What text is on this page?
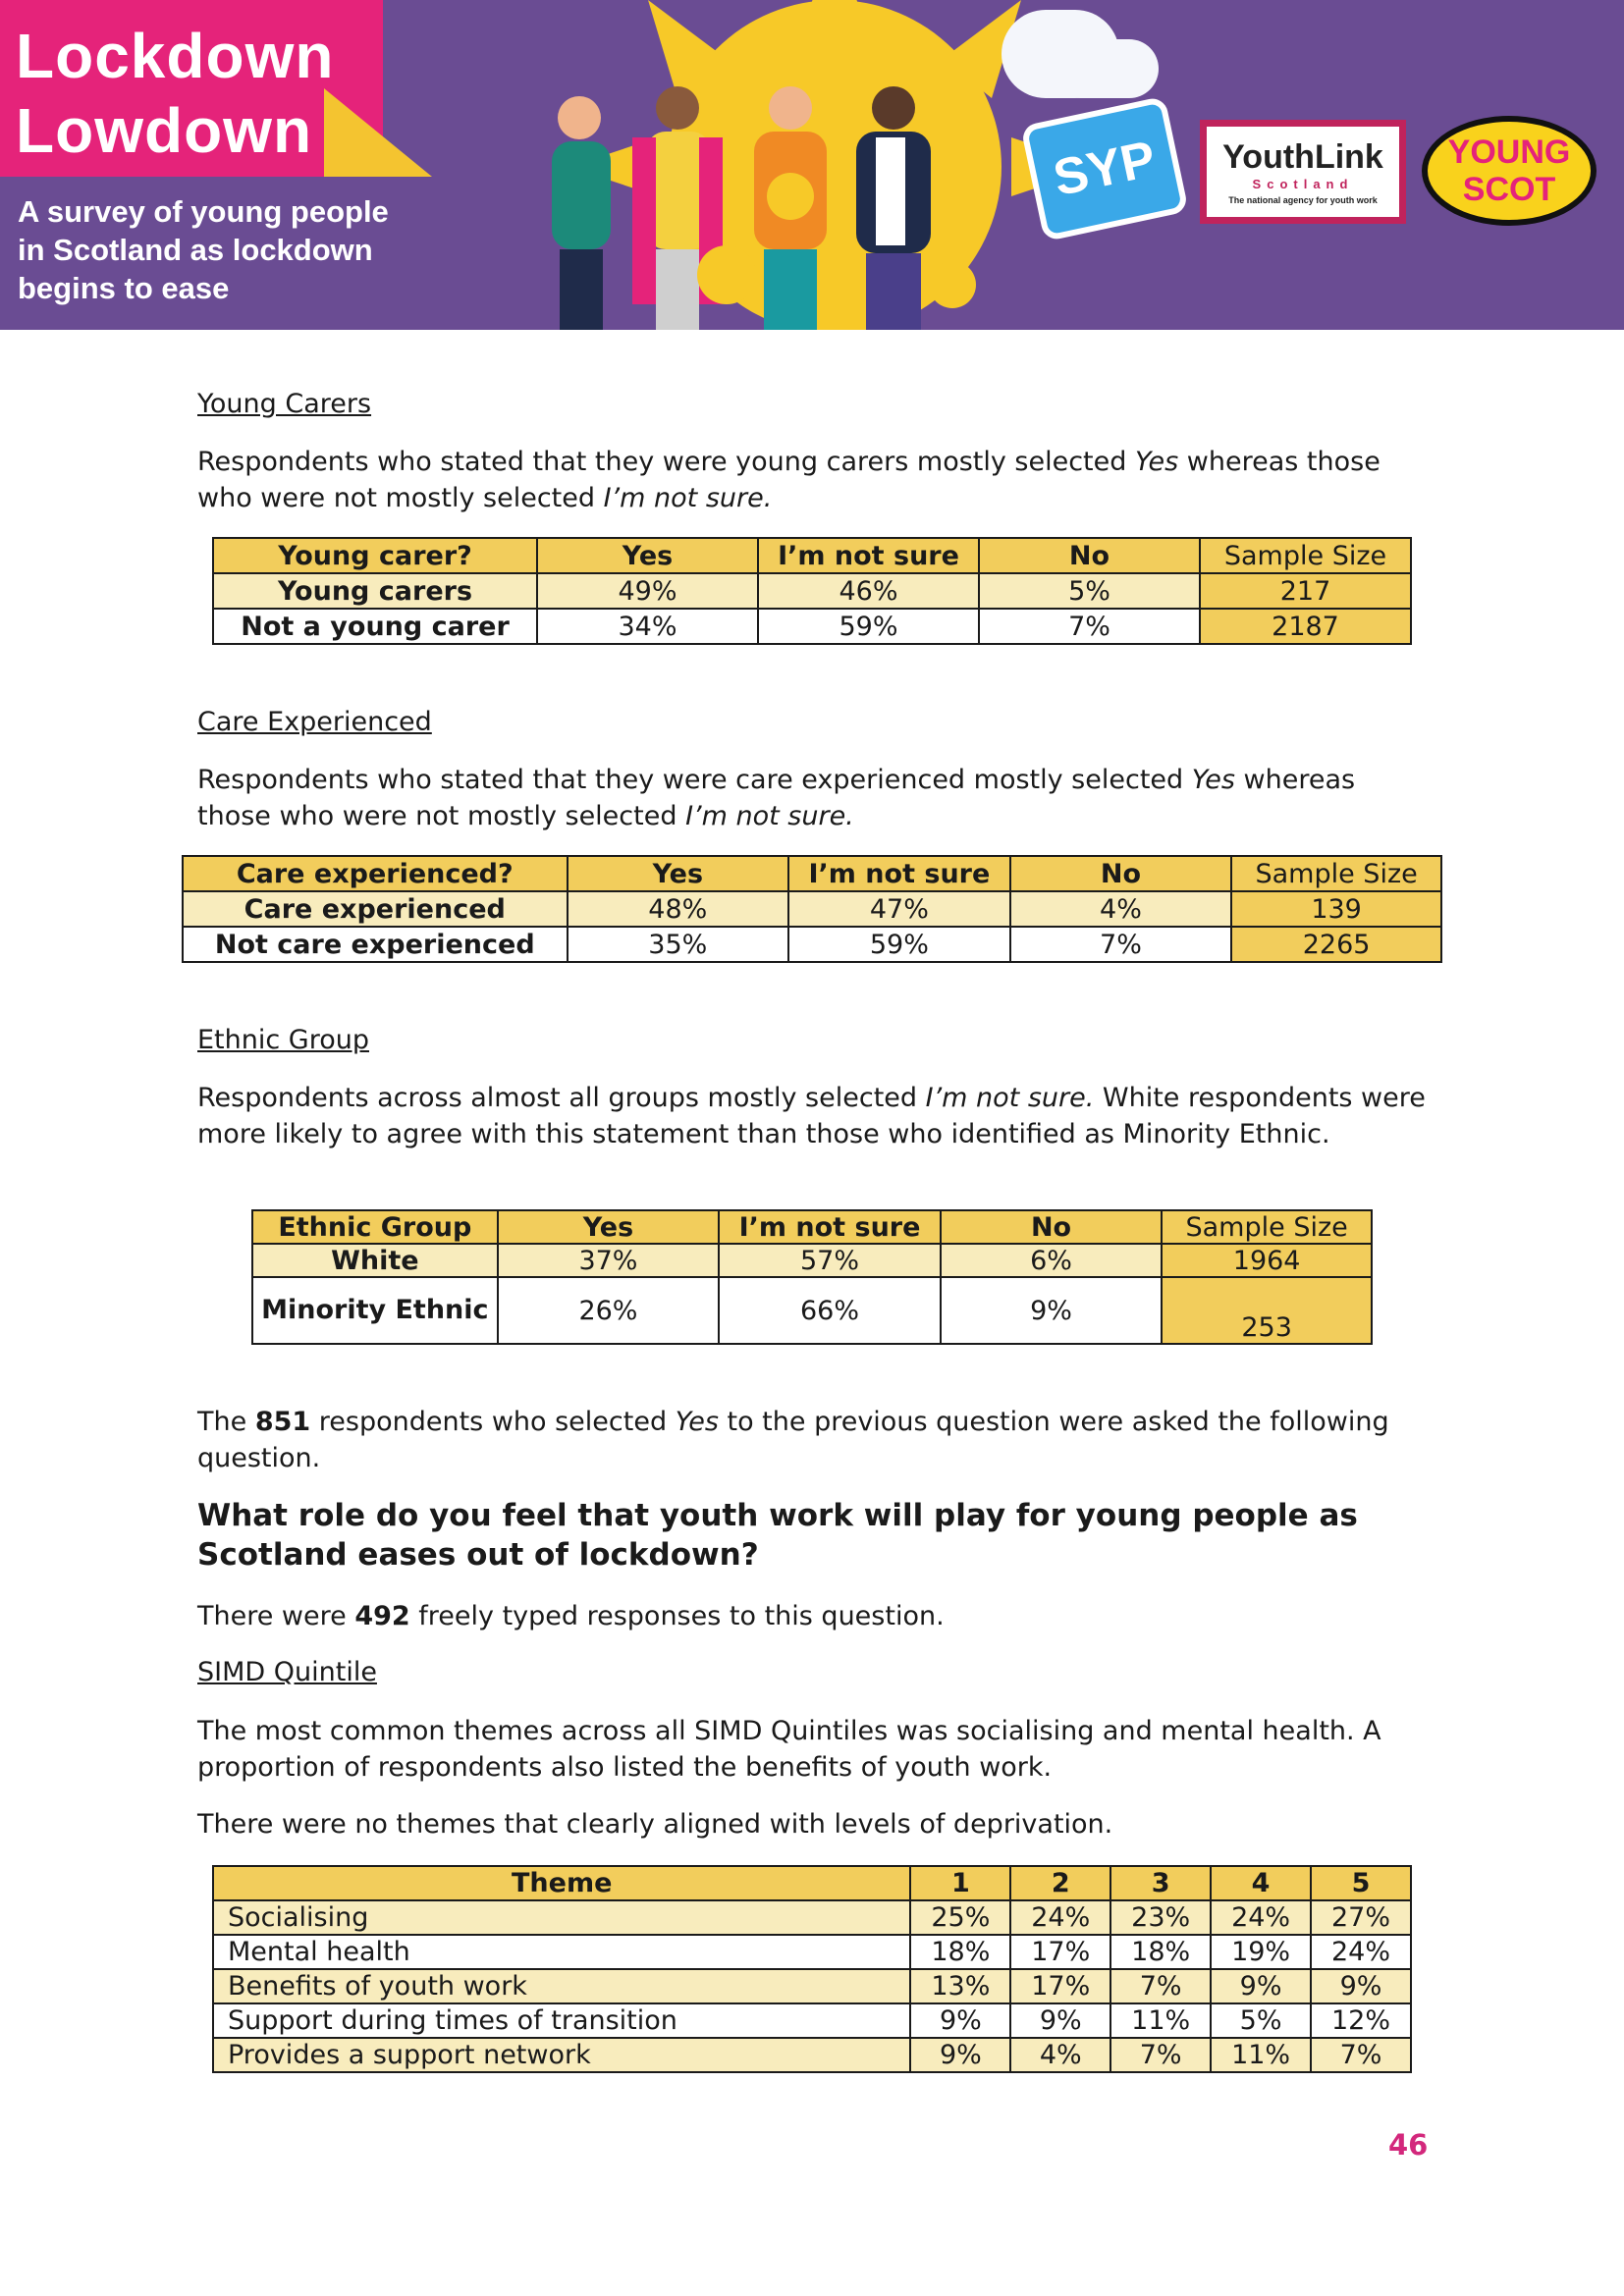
Lockdown
Lowdown
A survey of young people in Scotland as lockdown begins to ease
SYP YouthLink
Scotland
The national agency for youth work
YOUNG
SCOT
Young Carers
Respondents who stated that they were young carers mostly selected Yes whereas those who were not mostly selected I’m not sure.
Young carer?	Yes	I’m not sure	No	Sample Size
Young carers	49%	46%	5%	217
Not a young carer	34%	59%	7%	2187
Care Experienced
Respondents who stated that they were care experienced mostly selected Yes whereas those who were not mostly selected I’m not sure.
Care experienced?	Yes	I’m not sure	No	Sample Size
Care experienced	48%	47%	4%	139
Not care experienced	35%	59%	7%	2265
Ethnic Group
Respondents across almost all groups mostly selected I’m not sure. White respondents were more likely to agree with this statement than those who identified as Minority Ethnic.
Ethnic Group	Yes	I’m not sure	No	Sample Size
White	37%	57%	6%	1964
Minority Ethnic	26%	66%	9%	253
The 851 respondents who selected Yes to the previous question were asked the following question.
What role do you feel that youth work will play for young people as Scotland eases out of lockdown?
There were 492 freely typed responses to this question.
SIMD Quintile
The most common themes across all SIMD Quintiles was socialising and mental health. A proportion of respondents also listed the benefits of youth work.
There were no themes that clearly aligned with levels of deprivation.
Theme	1	2	3	4	5
Socialising	25%	24%	23%	24%	27%
Mental health	18%	17%	18%	19%	24%
Benefits of youth work	13%	17%	7%	9%	9%
Support during times of transition	9%	9%	11%	5%	12%
Provides a support network	9%	4%	7%	11%	7%
46
